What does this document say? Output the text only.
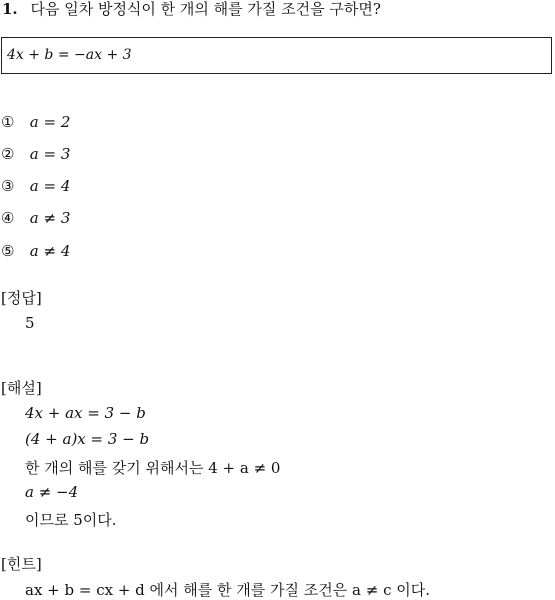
1. 다음 일차 방정식이 한 개의 해를 가질 조건을 구하면?
4x + b = −ax + 3
① a = 2
② a = 3
③ a = 4
④ a ≠ 3
⑤ a ≠ 4
[정답]
5
[해설]
4x + ax = 3 − b
(4 + a)x = 3 − b
한 개의 해를 갖기 위해서는 4 + a ≠ 0
a ≠ −4
이므로 5이다.
[힌트]
ax + b = cx + d 에서 해를 한 개를 가질 조건은 a ≠ c 이다.
